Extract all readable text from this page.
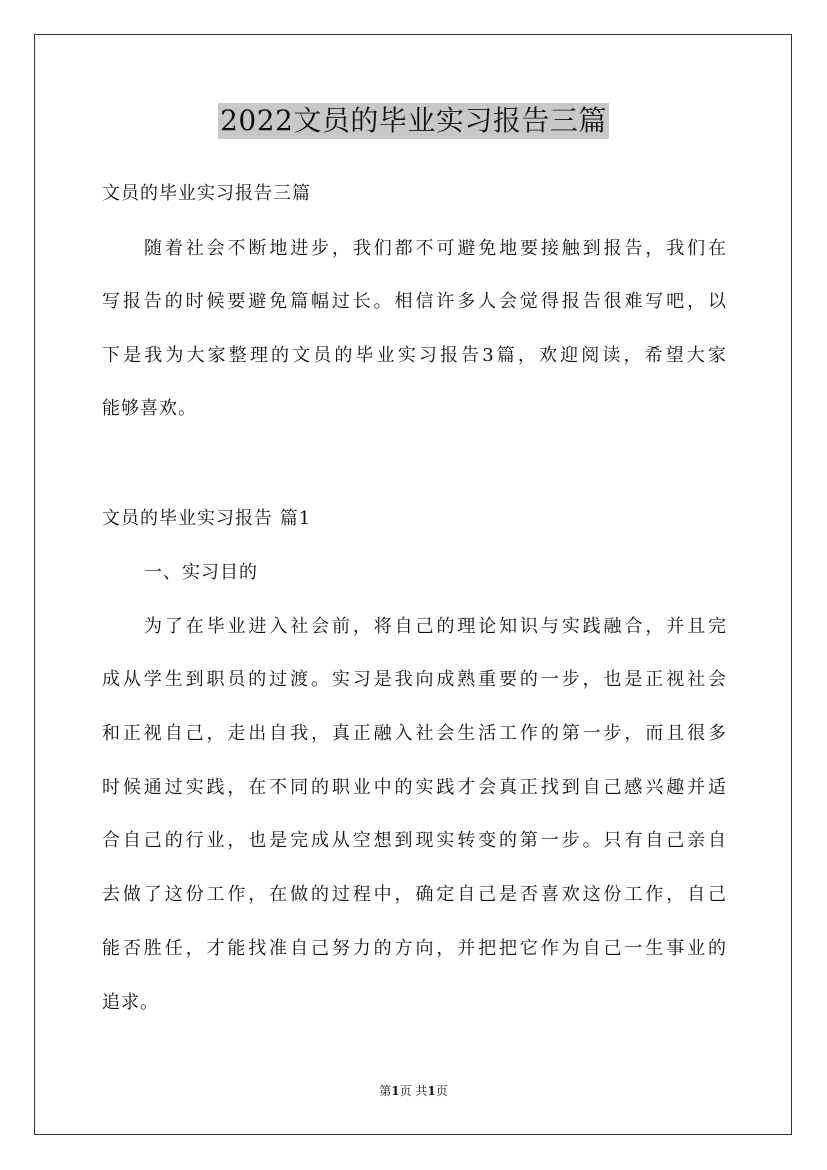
2022文员的毕业实习报告三篇
文员的毕业实习报告三篇
随着社会不断地进步，我们都不可避免地要接触到报告，我们在
写报告的时候要避免篇幅过长。相信许多人会觉得报告很难写吧，以
下是我为大家整理的文员的毕业实习报告3篇，欢迎阅读，希望大家
能够喜欢。
文员的毕业实习报告 篇1
一、实习目的
为了在毕业进入社会前，将自己的理论知识与实践融合，并且完
成从学生到职员的过渡。实习是我向成熟重要的一步，也是正视社会
和正视自己，走出自我，真正融入社会生活工作的第一步，而且很多
时候通过实践，在不同的职业中的实践才会真正找到自己感兴趣并适
合自己的行业，也是完成从空想到现实转变的第一步。只有自己亲自
去做了这份工作，在做的过程中，确定自己是否喜欢这份工作，自己
能否胜任，才能找准自己努力的方向，并把把它作为自己一生事业的
追求。
第1页 共1页
